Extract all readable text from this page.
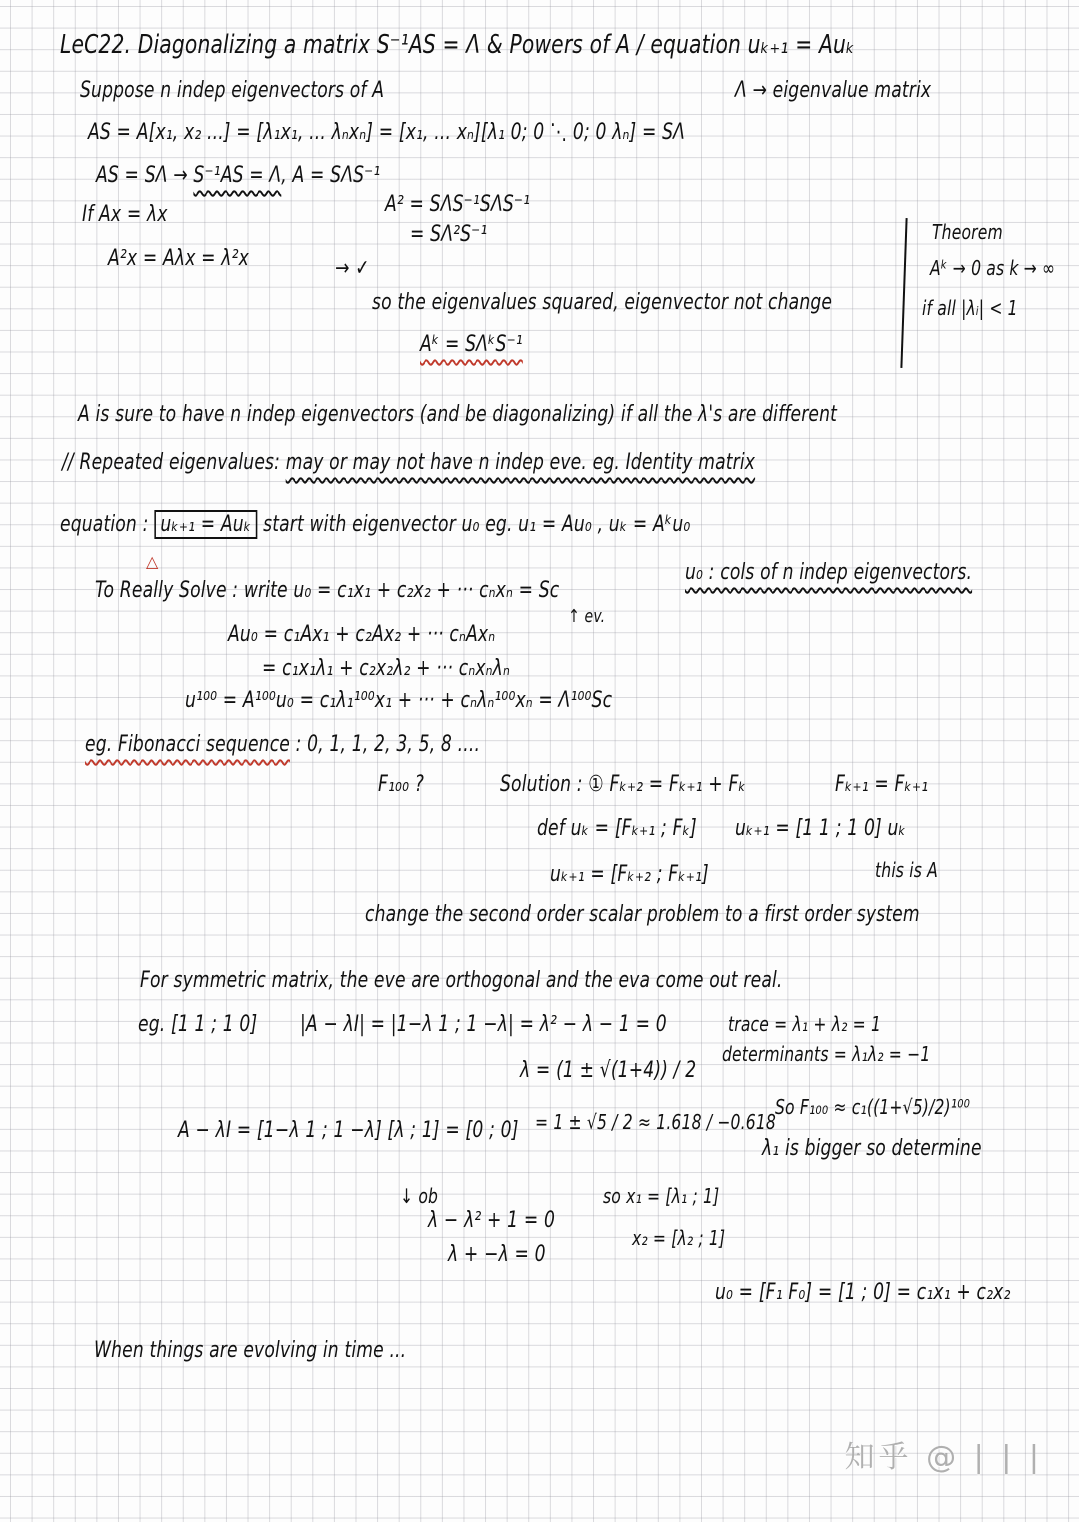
LeC22. Diagonalizing a matrix S⁻¹AS = Λ & Powers of A / equation uₖ₊₁ = Auₖ
Suppose n indep eigenvectors of A	Λ → eigenvalue matrix
AS = A[x₁, x₂ ...] = [λ₁x₁, ... λₙxₙ] = [x₁, ... xₙ][λ₁ 0; 0 ⋱ 0; 0 λₙ] = SΛ
AS = SΛ → S⁻¹AS = Λ, A = SΛS⁻¹
If Ax = λx	A² = SΛS⁻¹SΛS⁻¹
A²x = Aλx = λ²x
= SΛ²S⁻¹
→ ✓
so the eigenvalues squared, eigenvector not change
Aᵏ = SΛᵏS⁻¹
Theorem
Aᵏ → 0 as k → ∞
if all |λᵢ| < 1
A is sure to have n indep eigenvectors (and be diagonalizing) if all the λ's are different
// Repeated eigenvalues: may or may not have n indep eve. eg. Identity matrix
equation : uₖ₊₁ = Auₖ start with eigenvector u₀ eg. u₁ = Au₀ , uₖ = Aᵏu₀
△	u₀ : cols of n indep eigenvectors.
To Really Solve : write u₀ = c₁x₁ + c₂x₂ + ··· cₙxₙ = Sc
↑ ev.
Au₀ = c₁Ax₁ + c₂Ax₂ + ··· cₙAxₙ
= c₁x₁λ₁ + c₂x₂λ₂ + ··· cₙxₙλₙ
u¹⁰⁰ = A¹⁰⁰u₀ = c₁λ₁¹⁰⁰x₁ + ··· + cₙλₙ¹⁰⁰xₙ = Λ¹⁰⁰Sc
eg. Fibonacci sequence : 0, 1, 1, 2, 3, 5, 8 ....
F₁₀₀ ?	Solution : ① Fₖ₊₂ = Fₖ₊₁ + Fₖ	Fₖ₊₁ = Fₖ₊₁
def uₖ = [Fₖ₊₁ ; Fₖ] uₖ₊₁ = [1 1 ; 1 0] uₖ
uₖ₊₁ = [Fₖ₊₂ ; Fₖ₊₁]	this is A
change the second order scalar problem to a first order system
For symmetric matrix, the eve are orthogonal and the eva come out real.
eg. [1 1 ; 1 0] |A − λI| = |1−λ 1 ; 1 −λ| = λ² − λ − 1 = 0	trace = λ₁ + λ₂ = 1
λ = (1 ± √(1+4)) / 2
determinants = λ₁λ₂ = −1
A − λI = [1−λ 1 ; 1 −λ] [λ ; 1] = [0 ; 0] = 1 ± √5 / 2 ≈ 1.618 / −0.618
So F₁₀₀ ≈ c₁((1+√5)/2)¹⁰⁰
λ₁ is bigger so determine
↓ ob	so x₁ = [λ₁ ; 1]
λ − λ² + 1 = 0
x₂ = [λ₂ ; 1]
λ + −λ = 0
u₀ = [F₁ F₀] = [1 ; 0] = c₁x₁ + c₂x₂
When things are evolving in time ...
知乎 @ | | |
